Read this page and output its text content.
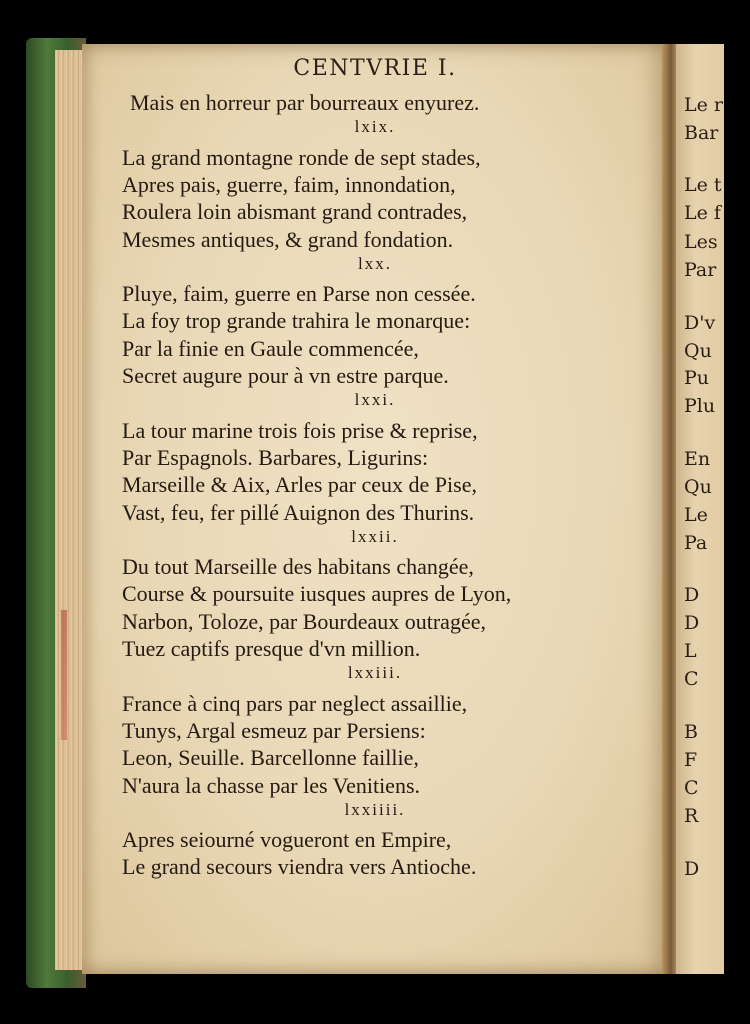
Le r
Bar
Le t
Le f
Les
Par
D'v
Qu
Pu
Plu
En
Qu
Le
Pa
D
D
L
C
B
F
C
R
D
CENTVRIE I.
Mais en horreur par bourreaux enyurez.
lxix.
La grand montagne ronde de sept stades,
Apres pais, guerre, faim, innondation,
Roulera loin abismant grand contrades,
Mesmes antiques, & grand fondation.
lxx.
Pluye, faim, guerre en Parse non cessée.
La foy trop grande trahira le monarque:
Par la finie en Gaule commencée,
Secret augure pour à vn estre parque.
lxxi.
La tour marine trois fois prise & reprise,
Par Espagnols. Barbares, Ligurins:
Marseille & Aix, Arles par ceux de Pise,
Vast, feu, fer pillé Auignon des Thurins.
lxxii.
Du tout Marseille des habitans changée,
Course & poursuite iusques aupres de Lyon,
Narbon, Toloze, par Bourdeaux outragée,
Tuez captifs presque d'vn million.
lxxiii.
France à cinq pars par neglect assaillie,
Tunys, Argal esmeuz par Persiens:
Leon, Seuille. Barcellonne faillie,
N'aura la chasse par les Venitiens.
lxxiiii.
Apres seiourné vogueront en Empire,
Le grand secours viendra vers Antioche.
